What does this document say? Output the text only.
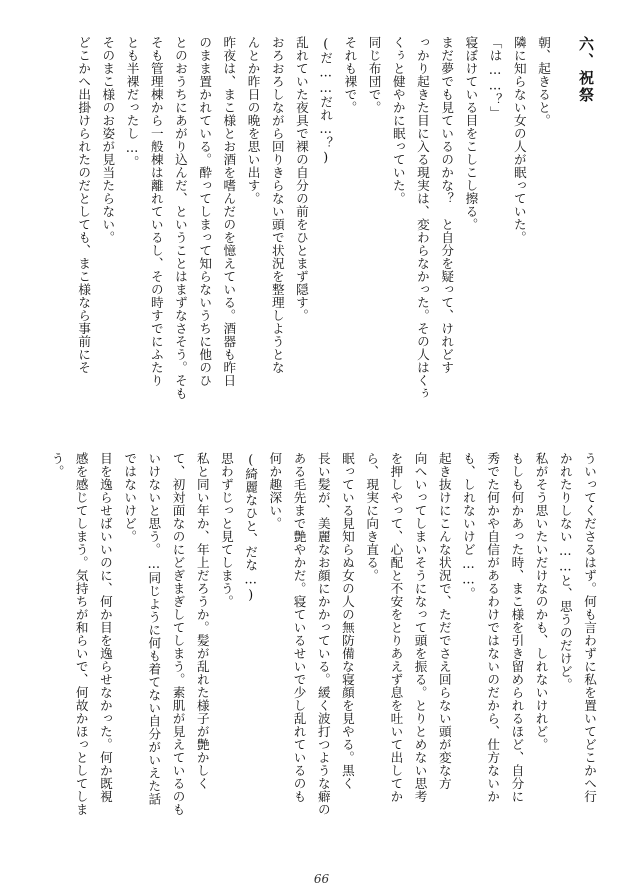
六、祝祭

朝、起きると。

隣に知らない女の人が眠っていた。

「は……？」

寝ぼけている目をこしこし擦る。

まだ夢でも見ているのかな？　と自分を疑って、けれどす

っかり起きた目に入る現実は、変わらなかった。その人はくぅ

くぅと健やかに眠っていた。

同じ布団で。

それも裸で。

(だ……だれ…？)

乱れていた夜具で裸の自分の前をひとまず隠す。

おろおろしながら回りきらない頭で状況を整理しようとな

んとか昨日の晩を思い出す。

昨夜は、まこ様とお酒を嗜んだのを憶えている。酒器も昨日

のまま置かれている。酔ってしまって知らないうちに他のひ

とのおうちにあがり込んだ、ということはまずなさそう。そも

そも管理棟から一般棟は離れているし、その時すでにふたり

とも半裸だったし…。

そのまこ様のお姿が見当たらない。

どこかへ出掛けられたのだとしても、まこ様なら事前にそ

ういってくださるはず。何も言わずに私を置いてどこかへ行

かれたりしない……と、思うのだけど。

私がそう思いたいだけなのかも、しれないけれど。

もしも何かあった時、まこ様を引き留められるほど、自分に

秀でた何かや自信があるわけではないのだから、仕方ないか

も、しれないけど……。

起き抜けにこんな状況で、ただでさえ回らない頭が変な方

向へいってしまいそうになって頭を振る。とりとめない思考

を押しやって、心配と不安をとりあえず息を吐いて出してか

ら、現実に向き直る。

眠っている見知らぬ女の人の無防備な寝顔を見やる。黒く

長い髪が、美麗なお顔にかかっている。緩く波打つような癖の

ある毛先まで艶やかだ。寝ているせいで少し乱れているのも

何か趣深い。

(綺麗なひと、だな…)

思わずじっと見てしまう。

私と同い年か、年上だろうか。髪が乱れた様子が艶かしく

て、初対面なのにどぎまぎしてしまう。素肌が見えているのも

いけないと思う。…同じように何も着てない自分がいえた話

ではないけど。

目を逸らせばいいのに、何か目を逸らせなかった。何か既視

感を感じてしまう。気持ちが和らいで、何故かほっとしてしま

う。

66
